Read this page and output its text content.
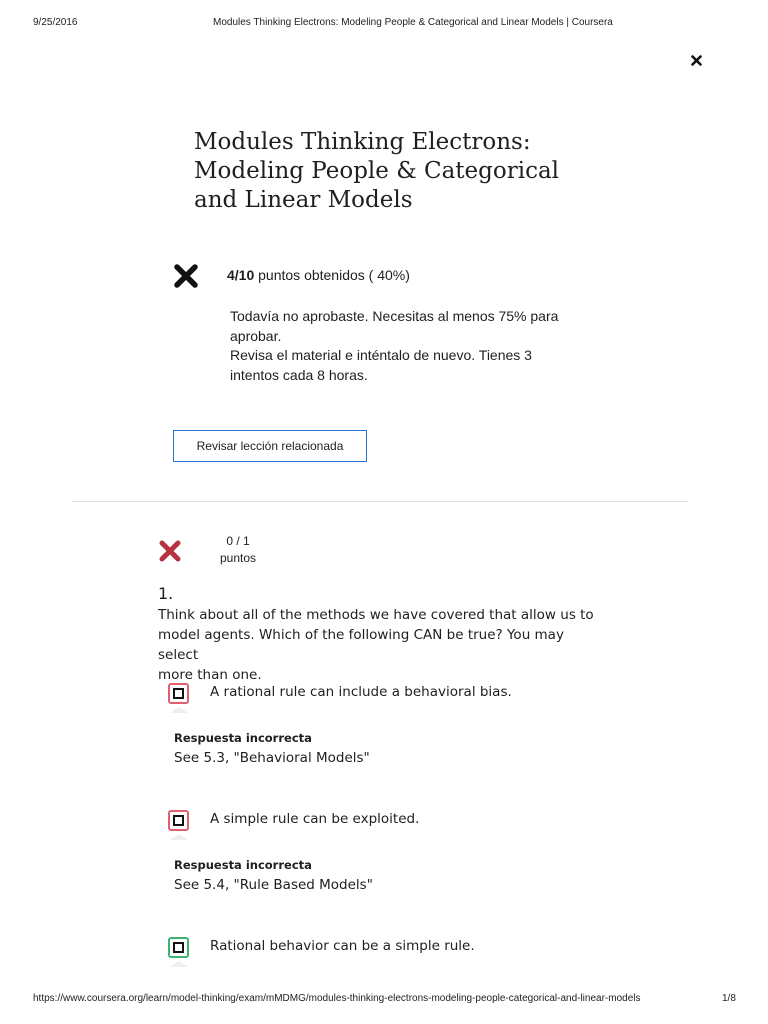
9/25/2016	Modules Thinking Electrons: Modeling People & Categorical and Linear Models | Coursera
Modules Thinking Electrons:
Modeling People & Categorical
and Linear Models
4/10 puntos obtenidos ( 40%)
Todavía no aprobaste. Necesitas al menos 75% para
aprobar.
Revisa el material e inténtalo de nuevo. Tienes 3
intentos cada 8 horas.
Revisar lección relacionada
0 / 1
puntos
1.
Think about all of the methods we have covered that allow us to
model agents. Which of the following CAN be true? You may select
more than one.
A rational rule can include a behavioral bias.
Respuesta incorrecta
See 5.3, "Behavioral Models"
A simple rule can be exploited.
Respuesta incorrecta
See 5.4, "Rule Based Models"
Rational behavior can be a simple rule.
https://www.coursera.org/learn/model-thinking/exam/mMDMG/modules-thinking-electrons-modeling-people-categorical-and-linear-models	1/8
